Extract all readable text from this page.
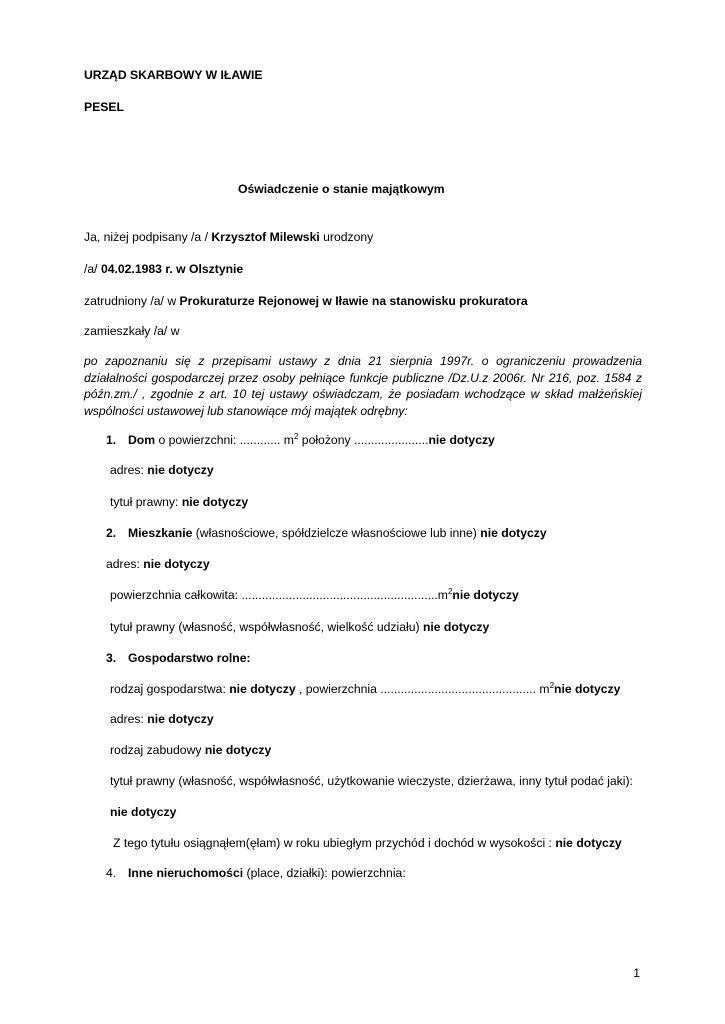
URZĄD SKARBOWY W IŁAWIE
PESEL
Oświadczenie o stanie majątkowym
Ja, niżej podpisany /a / Krzysztof Milewski urodzony
/a/ 04.02.1983 r. w Olsztynie
zatrudniony /a/ w Prokuraturze Rejonowej w Iławie na stanowisku prokuratora
zamieszkały /a/ w
po zapoznaniu się z przepisami ustawy z dnia 21 sierpnia 1997r. o ograniczeniu prowadzenia działalności gospodarczej przez osoby pełniące funkcje publiczne /Dz.U.z 2006r. Nr 216, poz. 1584 z późn.zm./ , zgodnie z art. 10 tej ustawy oświadczam, że posiadam wchodzące w skład małżeńskiej wspólności ustawowej lub stanowiące mój majątek odrębny:
1. Dom o powierzchni: ............ $m^2$ położony ......................nie dotyczy
adres: nie dotyczy
tytuł prawny: nie dotyczy
2. Mieszkanie (własnościowe, spółdzielcze własnościowe lub inne) nie dotyczy
adres: nie dotyczy
powierzchnia całkowita: $..........................................................m^2nie$ dotyczy
tytuł prawny (własność, współwłasność, wielkość udziału) nie dotyczy
3. Gospodarstwo rolne:
rodzaj gospodarstwa: nie dotyczy , powierzchnia .............................................. $m^2nie$ dotyczy
adres: nie dotyczy
rodzaj zabudowy nie dotyczy
tytuł prawny (własność, współwłasność, użytkowanie wieczyste, dzierżawa, inny tytuł podać jaki):
nie dotyczy
Z tego tytułu osiągnąłem(ęłam) w roku ubiegłym przychód i dochód w wysokości : nie dotyczy
4. Inne nieruchomości (place, działki): powierzchnia:
1
